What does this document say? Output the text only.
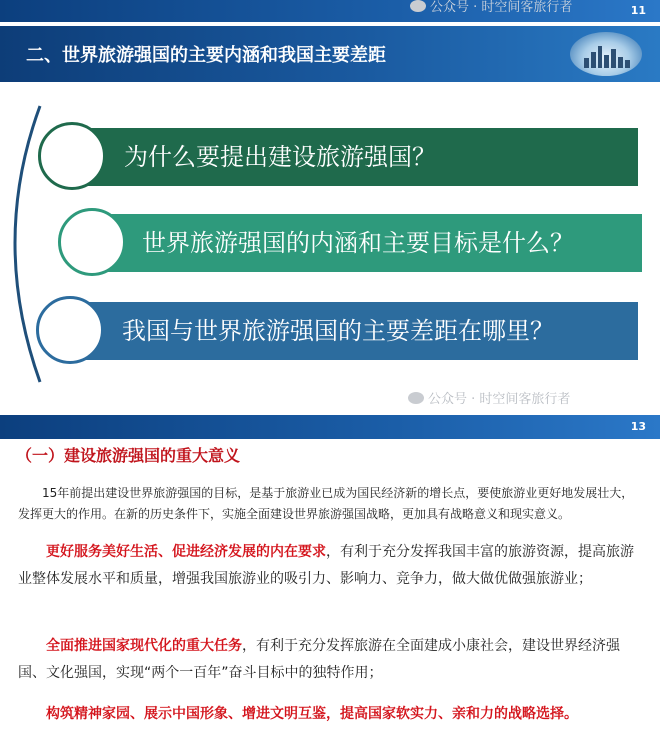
公众号 · 时空间客旅行者	11
二、世界旅游强国的主要内涵和我国主要差距
为什么要提出建设旅游强国？
世界旅游强国的内涵和主要目标是什么？
我国与世界旅游强国的主要差距在哪里？
公众号 · 时空间客旅行者
13
（一）建设旅游强国的重大意义
15年前提出建设世界旅游强国的目标，是基于旅游业已成为国民经济新的增长点，要使旅游业更好地发展壮大，发挥更大的作用。在新的历史条件下，实施全面建设世界旅游强国战略，更加具有战略意义和现实意义。
更好服务美好生活、促进经济发展的内在要求，有利于充分发挥我国丰富的旅游资源，提高旅游业整体发展水平和质量，增强我国旅游业的吸引力、影响力、竞争力，做大做优做强旅游业；
全面推进国家现代化的重大任务，有利于充分发挥旅游在全面建成小康社会，建设世界经济强国、文化强国，实现“两个一百年”奋斗目标中的独特作用；
构筑精神家园、展示中国形象、增进文明互鉴，提高国家软实力、亲和力的战略选择。
